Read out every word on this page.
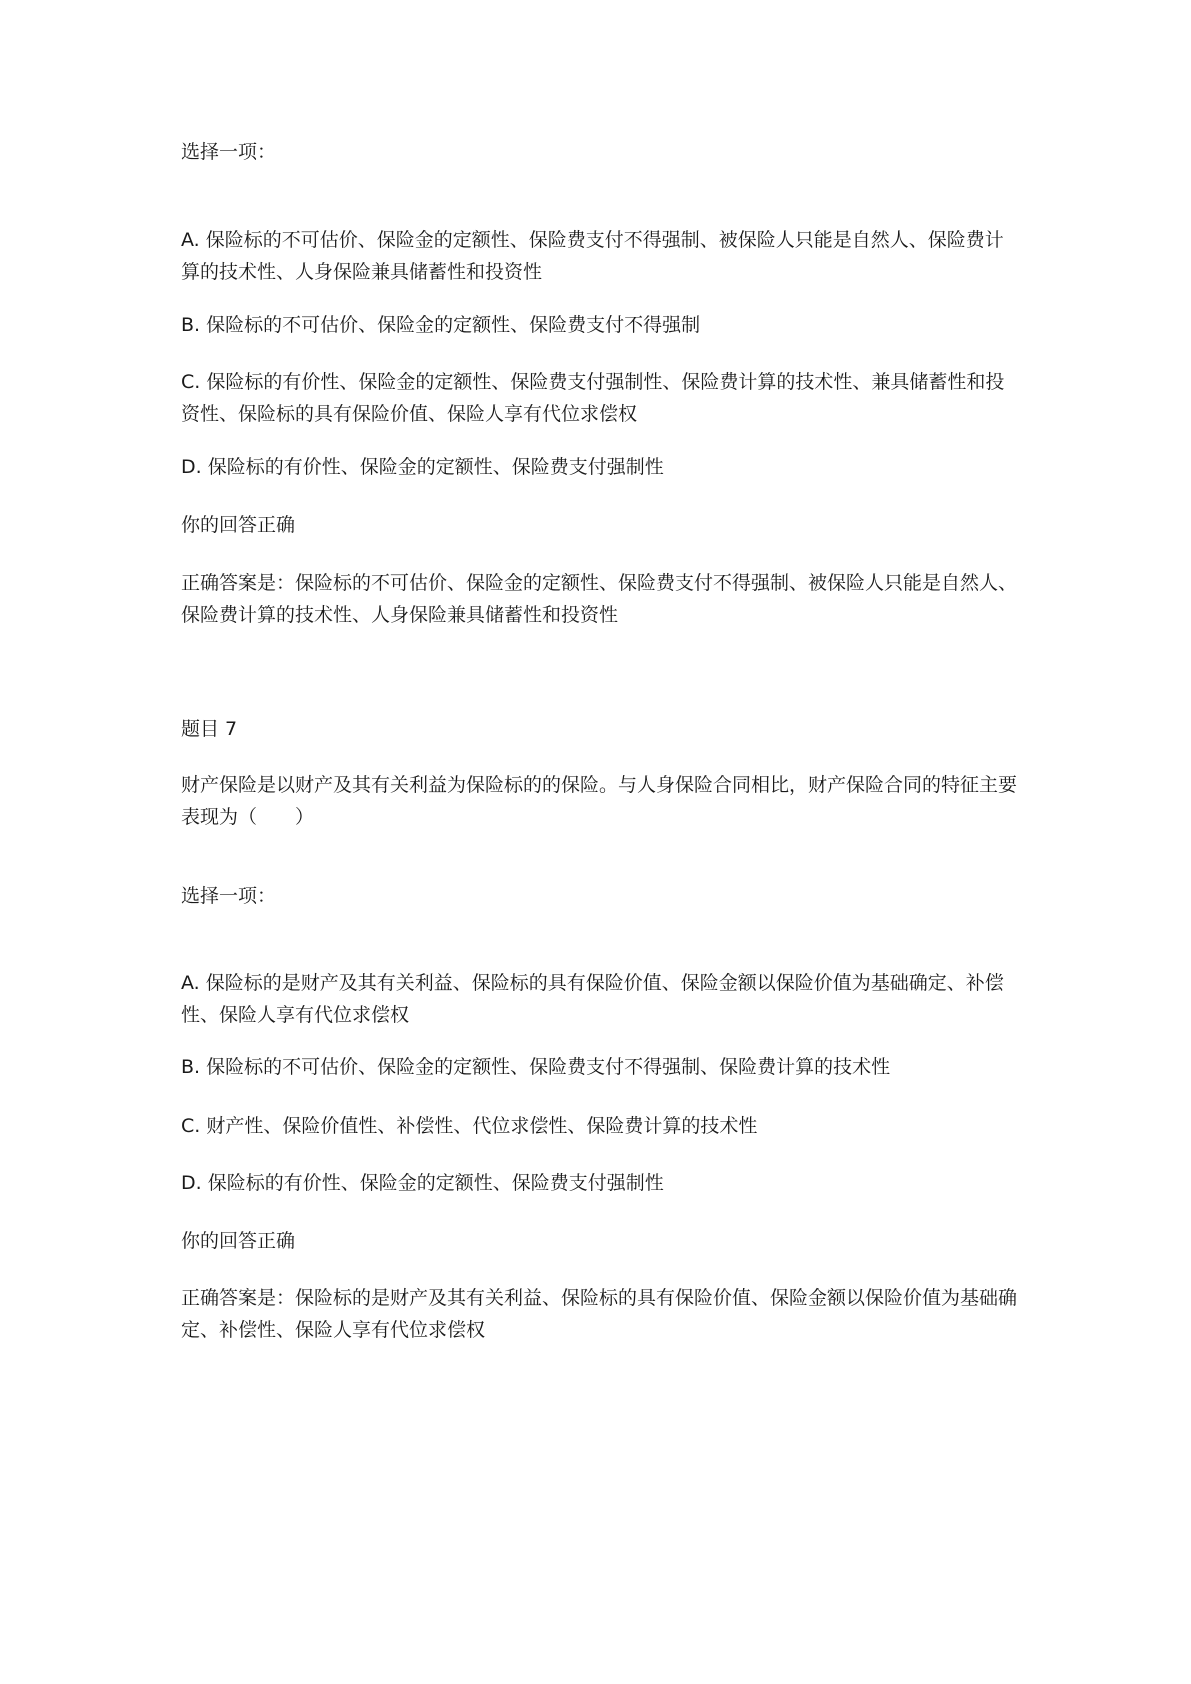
选择一项：

A. 保险标的不可估价、保险金的定额性、保险费支付不得强制、被保险人只能是自然人、保险费计算的技术性、人身保险兼具储蓄性和投资性

B. 保险标的不可估价、保险金的定额性、保险费支付不得强制

C. 保险标的有价性、保险金的定额性、保险费支付强制性、保险费计算的技术性、兼具储蓄性和投资性、保险标的具有保险价值、保险人享有代位求偿权

D. 保险标的有价性、保险金的定额性、保险费支付强制性

你的回答正确

正确答案是：保险标的不可估价、保险金的定额性、保险费支付不得强制、被保险人只能是自然人、保险费计算的技术性、人身保险兼具储蓄性和投资性

题目 7

财产保险是以财产及其有关利益为保险标的的保险。与人身保险合同相比，财产保险合同的特征主要表现为（　　）

选择一项：

A. 保险标的是财产及其有关利益、保险标的具有保险价值、保险金额以保险价值为基础确定、补偿性、保险人享有代位求偿权

B. 保险标的不可估价、保险金的定额性、保险费支付不得强制、保险费计算的技术性

C. 财产性、保险价值性、补偿性、代位求偿性、保险费计算的技术性

D. 保险标的有价性、保险金的定额性、保险费支付强制性

你的回答正确

正确答案是：保险标的是财产及其有关利益、保险标的具有保险价值、保险金额以保险价值为基础确定、补偿性、保险人享有代位求偿权
